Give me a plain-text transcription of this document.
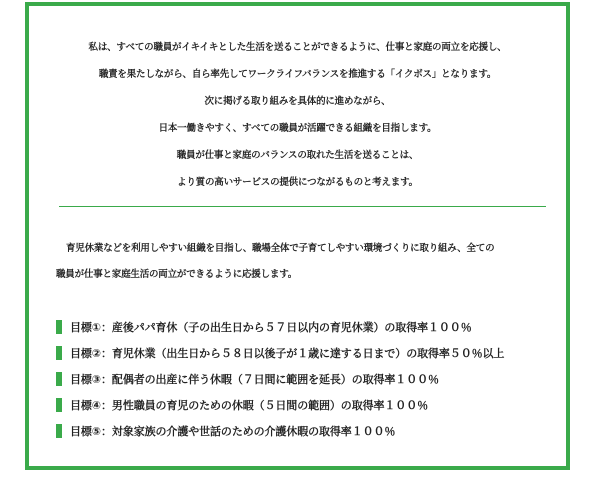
私は、すべての職員がイキイキとした生活を送ることができるように、仕事と家庭の両立を応援し、
職責を果たしながら、自ら率先してワークライフバランスを推進する「イクボス」となります。
次に掲げる取り組みを具体的に進めながら、
日本一働きやすく、すべての職員が活躍できる組織を目指します。
職員が仕事と家庭のバランスの取れた生活を送ることは、
より質の高いサービスの提供につながるものと考えます。
育児休業などを利用しやすい組織を目指し、職場全体で子育てしやすい環境づくりに取り組み、全ての
職員が仕事と家庭生活の両立ができるように応援します。
目標①：産後パパ育休（子の出生日から５７日以内の育児休業）の取得率１００％
目標②：育児休業（出生日から５８日以後子が１歳に達する日まで）の取得率５０％以上
目標③：配偶者の出産に伴う休暇（７日間に範囲を延長）の取得率１００％
目標④：男性職員の育児のための休暇（５日間の範囲）の取得率１００％
目標⑤：対象家族の介護や世話のための介護休暇の取得率１００％
